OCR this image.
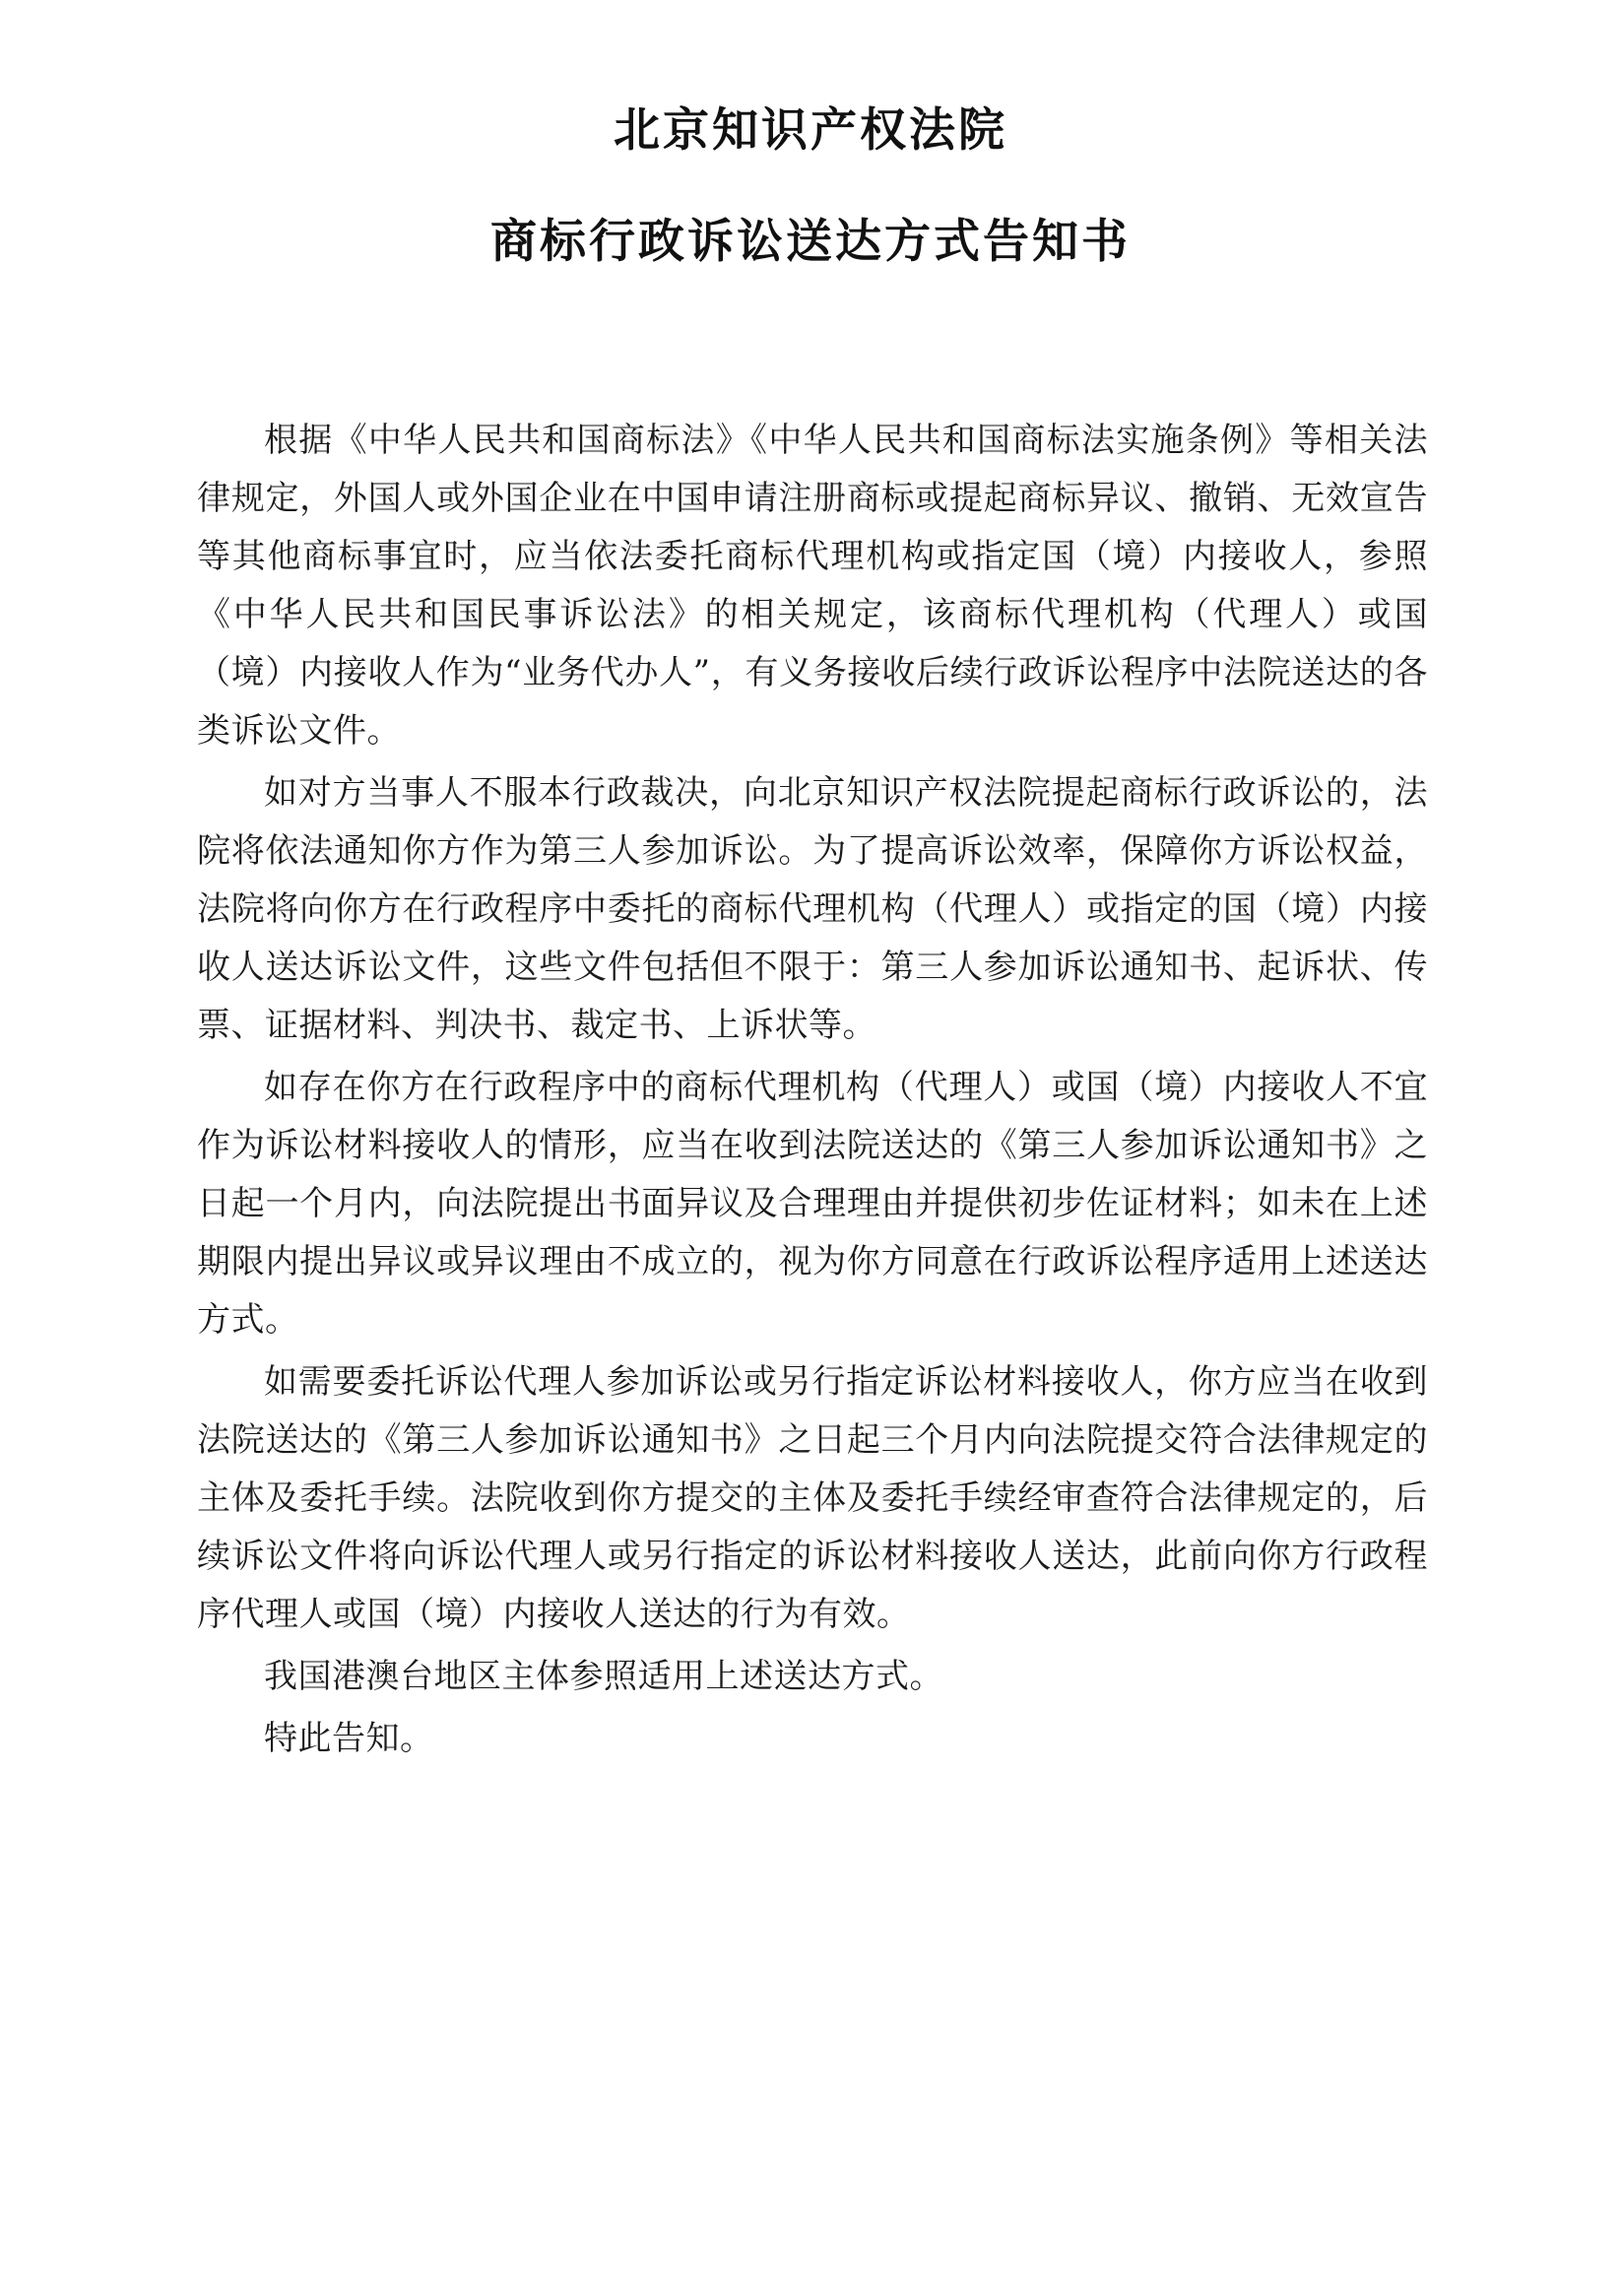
北京知识产权法院
商标行政诉讼送达方式告知书

根据《中华人民共和国商标法》《中华人民共和国商标法实施条例》等相关法律规定，外国人或外国企业在中国申请注册商标或提起商标异议、撤销、无效宣告等其他商标事宜时，应当依法委托商标代理机构或指定国（境）内接收人，参照《中华人民共和国民事诉讼法》的相关规定，该商标代理机构（代理人）或国（境）内接收人作为“业务代办人”，有义务接收后续行政诉讼程序中法院送达的各类诉讼文件。

如对方当事人不服本行政裁决，向北京知识产权法院提起商标行政诉讼的，法院将依法通知你方作为第三人参加诉讼。为了提高诉讼效率，保障你方诉讼权益，法院将向你方在行政程序中委托的商标代理机构（代理人）或指定的国（境）内接收人送达诉讼文件，这些文件包括但不限于：第三人参加诉讼通知书、起诉状、传票、证据材料、判决书、裁定书、上诉状等。

如存在你方在行政程序中的商标代理机构（代理人）或国（境）内接收人不宜作为诉讼材料接收人的情形，应当在收到法院送达的《第三人参加诉讼通知书》之日起一个月内，向法院提出书面异议及合理理由并提供初步佐证材料；如未在上述期限内提出异议或异议理由不成立的，视为你方同意在行政诉讼程序适用上述送达方式。

如需要委托诉讼代理人参加诉讼或另行指定诉讼材料接收人，你方应当在收到法院送达的《第三人参加诉讼通知书》之日起三个月内向法院提交符合法律规定的主体及委托手续。法院收到你方提交的主体及委托手续经审查符合法律规定的，后续诉讼文件将向诉讼代理人或另行指定的诉讼材料接收人送达，此前向你方行政程序代理人或国（境）内接收人送达的行为有效。

我国港澳台地区主体参照适用上述送达方式。

特此告知。
